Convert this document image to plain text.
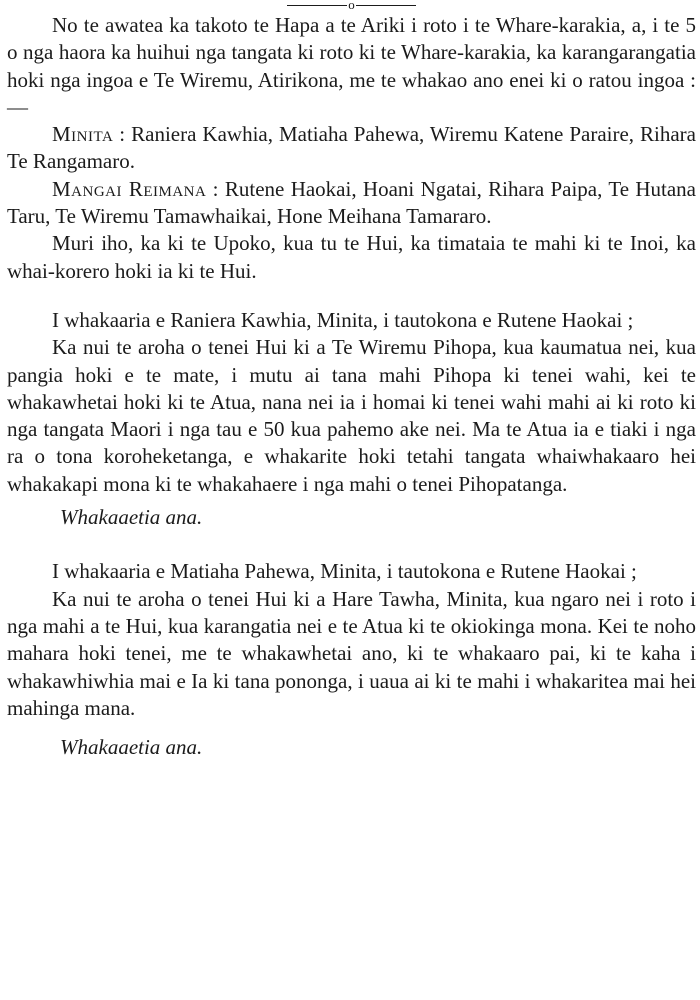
o

No te awatea ka takoto te Hapa a te Ariki i roto i te Whare-karakia, a, i te 5 o nga haora ka huihui nga tangata ki roto ki te Whare-karakia, ka karangarangatia hoki nga ingoa e Te Wiremu, Atirikona, me te whakao ano enei ki o ratou ingoa :—

Minita : Raniera Kawhia, Matiaha Pahewa, Wiremu Katene Paraire, Rihara Te Rangamaro.

Mangai Reimana : Rutene Haokai, Hoani Ngatai, Rihara Paipa, Te Hutana Taru, Te Wiremu Tamawhaikai, Hone Meihana Tamararo.

Muri iho, ka ki te Upoko, kua tu te Hui, ka timataia te mahi ki te Inoi, ka whai-korero hoki ia ki te Hui.

I whakaaria e Raniera Kawhia, Minita, i tautokona e Rutene Haokai ;

Ka nui te aroha o tenei Hui ki a Te Wiremu Pihopa, kua kaumatua nei, kua pangia hoki e te mate, i mutu ai tana mahi Pihopa ki tenei wahi, kei te whakawhetai hoki ki te Atua, nana nei ia i homai ki tenei wahi mahi ai ki roto ki nga tangata Maori i nga tau e 50 kua pahemo ake nei. Ma te Atua ia e tiaki i nga ra o tona koroheketanga, e whakarite hoki tetahi tangata whaiwhakaaro hei whakakapi mona ki te whakahaere i nga mahi o tenei Pihopatanga.

Whakaaetia ana.

I whakaaria e Matiaha Pahewa, Minita, i tautokona e Rutene Haokai ;

Ka nui te aroha o tenei Hui ki a Hare Tawha, Minita, kua ngaro nei i roto i nga mahi a te Hui, kua karangatia nei e te Atua ki te okiokinga mona. Kei te noho mahara hoki tenei, me te whakawhetai ano, ki te whakaaro pai, ki te kaha i whakawhiwhia mai e Ia ki tana pononga, i uaua ai ki te mahi i whakaritea mai hei mahinga mana.

Whakaaetia ana.
